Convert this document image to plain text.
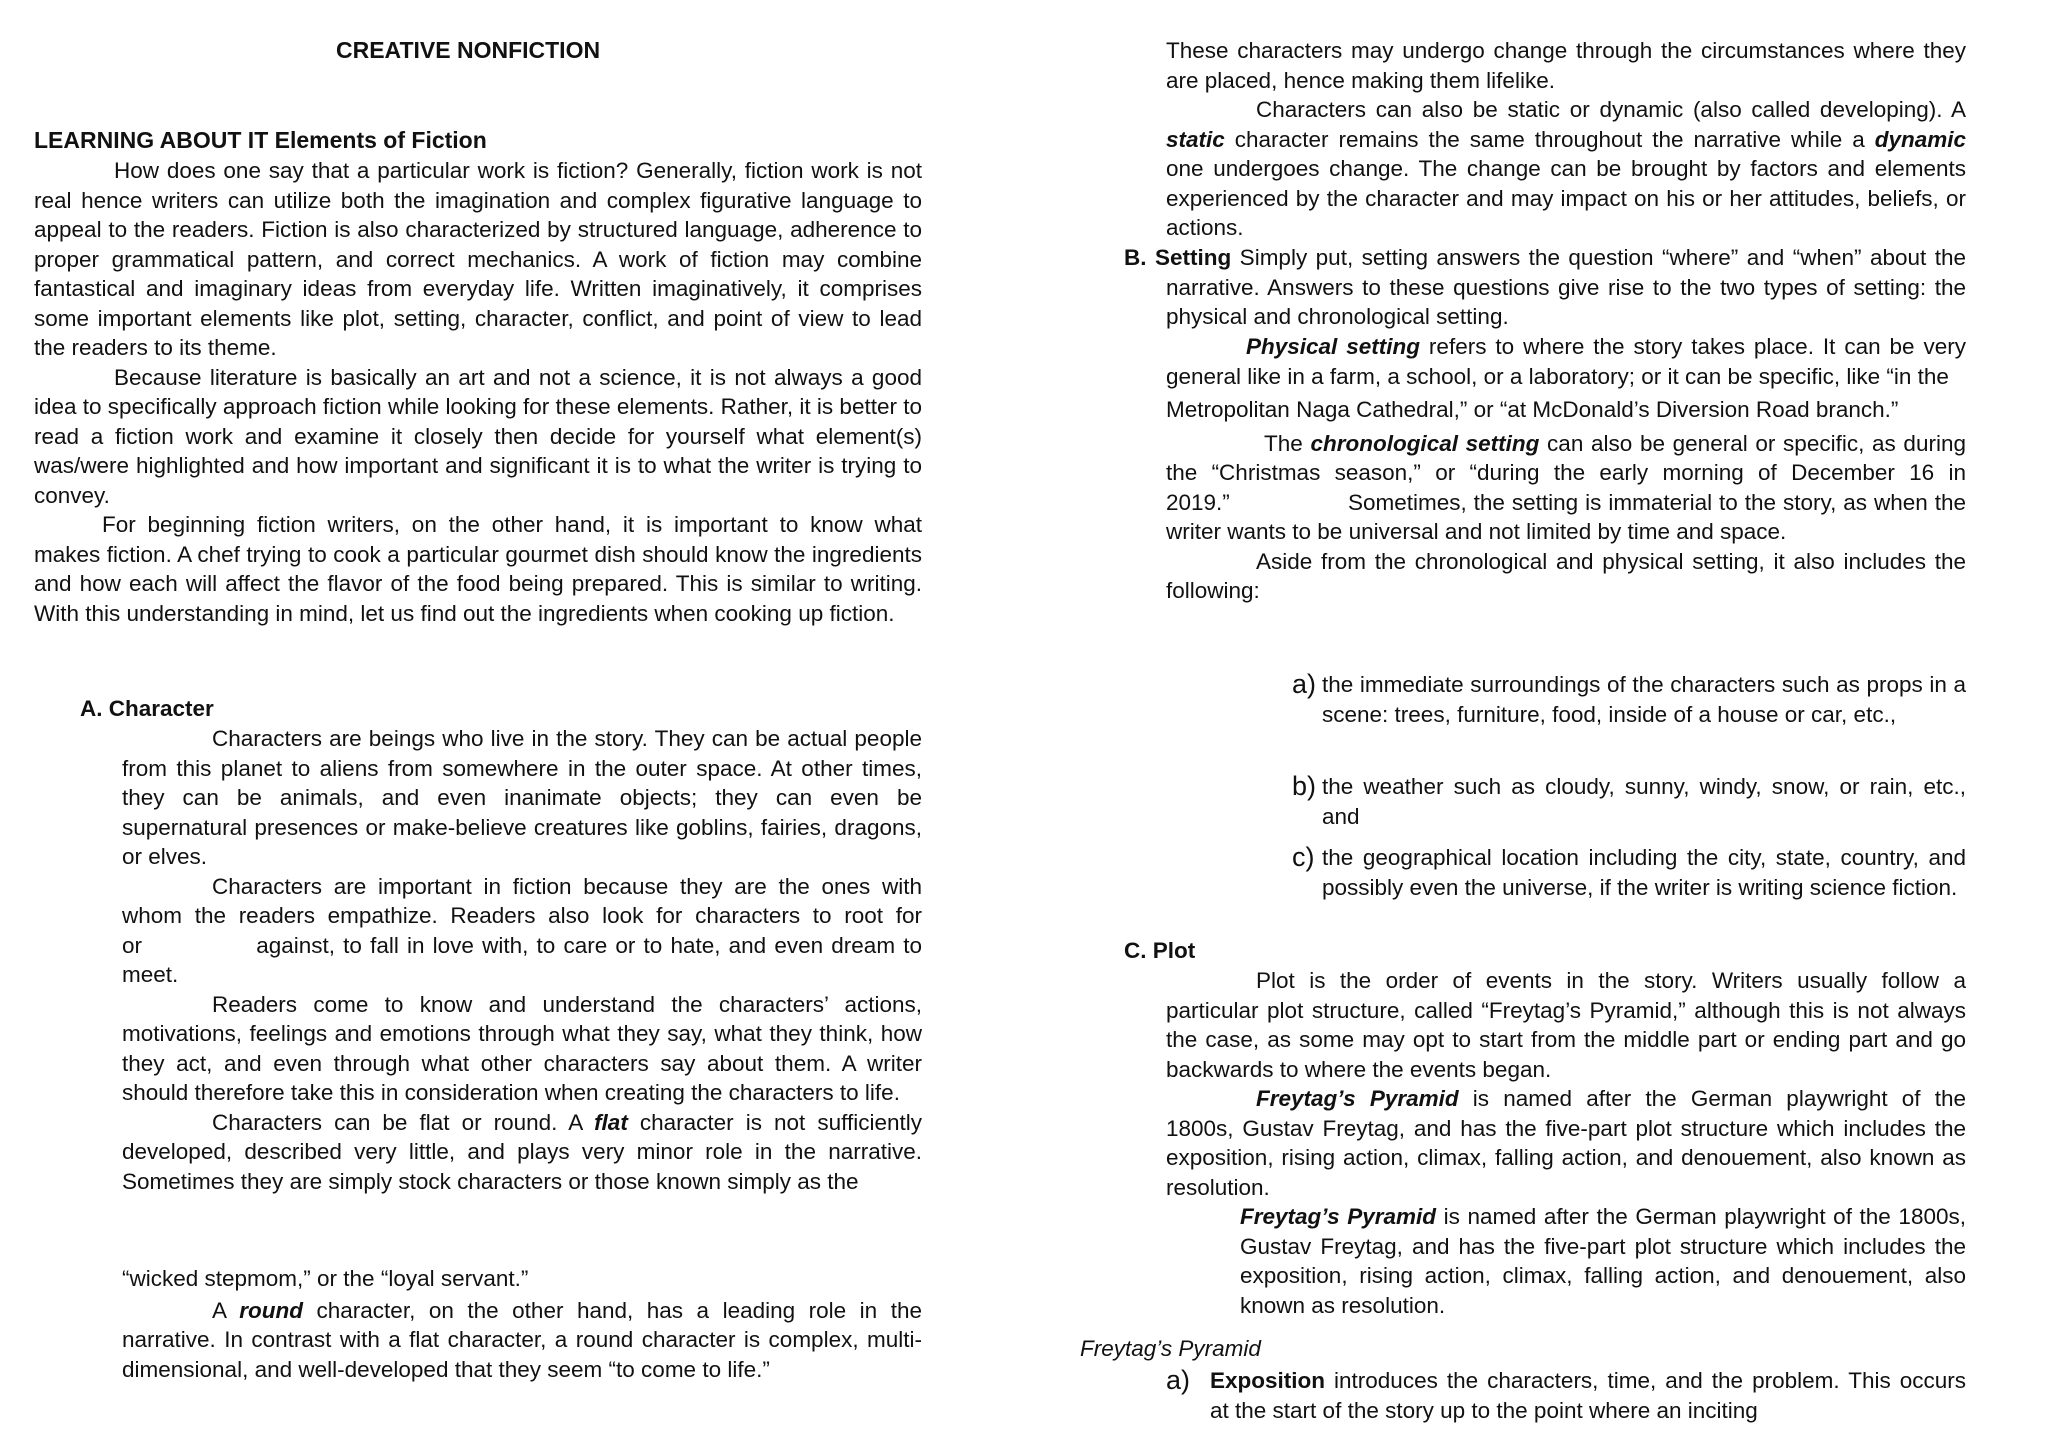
CREATIVE NONFICTION
LEARNING ABOUT IT Elements of Fiction

How does one say that a particular work is fiction? Generally, fiction work is not real hence writers can utilize both the imagination and complex figurative language to appeal to the readers. Fiction is also characterized by structured language, adherence to proper grammatical pattern, and correct mechanics. A work of fiction may combine fantastical and imaginary ideas from everyday life. Written imaginatively, it comprises some important elements like plot, setting, character, conflict, and point of view to lead the readers to its theme.

Because literature is basically an art and not a science, it is not always a good idea to specifically approach fiction while looking for these elements. Rather, it is better to read a fiction work and examine it closely then decide for yourself what element(s) was/were highlighted and how important and significant it is to what the writer is trying to convey.

For beginning fiction writers, on the other hand, it is important to know what makes fiction. A chef trying to cook a particular gourmet dish should know the ingredients and how each will affect the flavor of the food being prepared. This is similar to writing. With this understanding in mind, let us find out the ingredients when cooking up fiction.

A. Character

Characters are beings who live in the story. They can be actual people from this planet to aliens from somewhere in the outer space. At other times, they can be animals, and even inanimate objects; they can even be supernatural presences or make-believe creatures like goblins, fairies, dragons, or elves.

Characters are important in fiction because they are the ones with whom the readers empathize. Readers also look for characters to root for or	against, to fall in love with, to care or to hate, and even dream to meet.

Readers come to know and understand the characters’ actions, motivations, feelings and emotions through what they say, what they think, how they act, and even through what other characters say about them. A writer should therefore take this in consideration when creating the characters to life.

Characters can be flat or round. A flat character is not sufficiently developed, described very little, and plays very minor role in the narrative. Sometimes they are simply stock characters or those known simply as the

“wicked stepmom,” or the “loyal servant.”

A round character, on the other hand, has a leading role in the narrative. In contrast with a flat character, a round character is complex, multi-dimensional, and well-developed that they seem “to come to life.”

These characters may undergo change through the circumstances where they are placed, hence making them lifelike.

Characters can also be static or dynamic (also called developing). A static character remains the same throughout the narrative while a dynamic one undergoes change. The change can be brought by factors and elements experienced by the character and may impact on his or her attitudes, beliefs, or actions.

B. Setting Simply put, setting answers the question “where” and “when” about the narrative. Answers to these questions give rise to the two types of setting: the physical and chronological setting.

Physical setting refers to where the story takes place. It can be very general like in a farm, a school, or a laboratory; or it can be specific, like “in the

Metropolitan Naga Cathedral,” or “at McDonald’s Diversion Road branch.”

The chronological setting can also be general or specific, as during the “Christmas season,” or “during the early morning of December 16 in 2019.”	Sometimes, the setting is immaterial to the story, as when the writer wants to be universal and not limited by time and space.

Aside from the chronological and physical setting, it also includes the following:

a) the immediate surroundings of the characters such as props in a scene: trees, furniture, food, inside of a house or car, etc.,

b) the weather such as cloudy, sunny, windy, snow, or rain, etc., and

c) the geographical location including the city, state, country, and possibly even the universe, if the writer is writing science fiction.

C. Plot

Plot is the order of events in the story. Writers usually follow a particular plot structure, called “Freytag’s Pyramid,” although this is not always the case, as some may opt to start from the middle part or ending part and go backwards to where the events began.

Freytag’s Pyramid is named after the German playwright of the 1800s, Gustav Freytag, and has the five-part plot structure which includes the exposition, rising action, climax, falling action, and denouement, also known as resolution.

Freytag’s Pyramid is named after the German playwright of the 1800s, Gustav Freytag, and has the five-part plot structure which includes the exposition, rising action, climax, falling action, and denouement, also known as resolution.

Freytag’s Pyramid
a) Exposition introduces the characters, time, and the problem. This occurs at the start of the story up to the point where an inciting
